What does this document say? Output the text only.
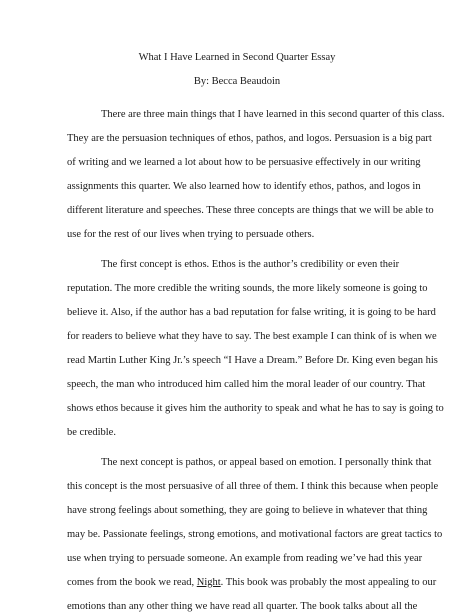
What I Have Learned in Second Quarter Essay
By: Becca Beaudoin
There are three main things that I have learned in this second quarter of this class.
They are the persuasion techniques of ethos, pathos, and logos. Persuasion is a big part
of writing and we learned a lot about how to be persuasive effectively in our writing
assignments this quarter. We also learned how to identify ethos, pathos, and logos in
different literature and speeches. These three concepts are things that we will be able to
use for the rest of our lives when trying to persuade others.
The first concept is ethos. Ethos is the author’s credibility or even their
reputation. The more credible the writing sounds, the more likely someone is going to
believe it. Also, if the author has a bad reputation for false writing, it is going to be hard
for readers to believe what they have to say. The best example I can think of is when we
read Martin Luther King Jr.’s speech “I Have a Dream.” Before Dr. King even began his
speech, the man who introduced him called him the moral leader of our country. That
shows ethos because it gives him the authority to speak and what he has to say is going to
be credible.
The next concept is pathos, or appeal based on emotion. I personally think that
this concept is the most persuasive of all three of them. I think this because when people
have strong feelings about something, they are going to believe in whatever that thing
may be. Passionate feelings, strong emotions, and motivational factors are great tactics to
use when trying to persuade someone. An example from reading we’ve had this year
comes from the book we read, Night. This book was probably the most appealing to our
emotions than any other thing we have read all quarter. The book talks about all the
